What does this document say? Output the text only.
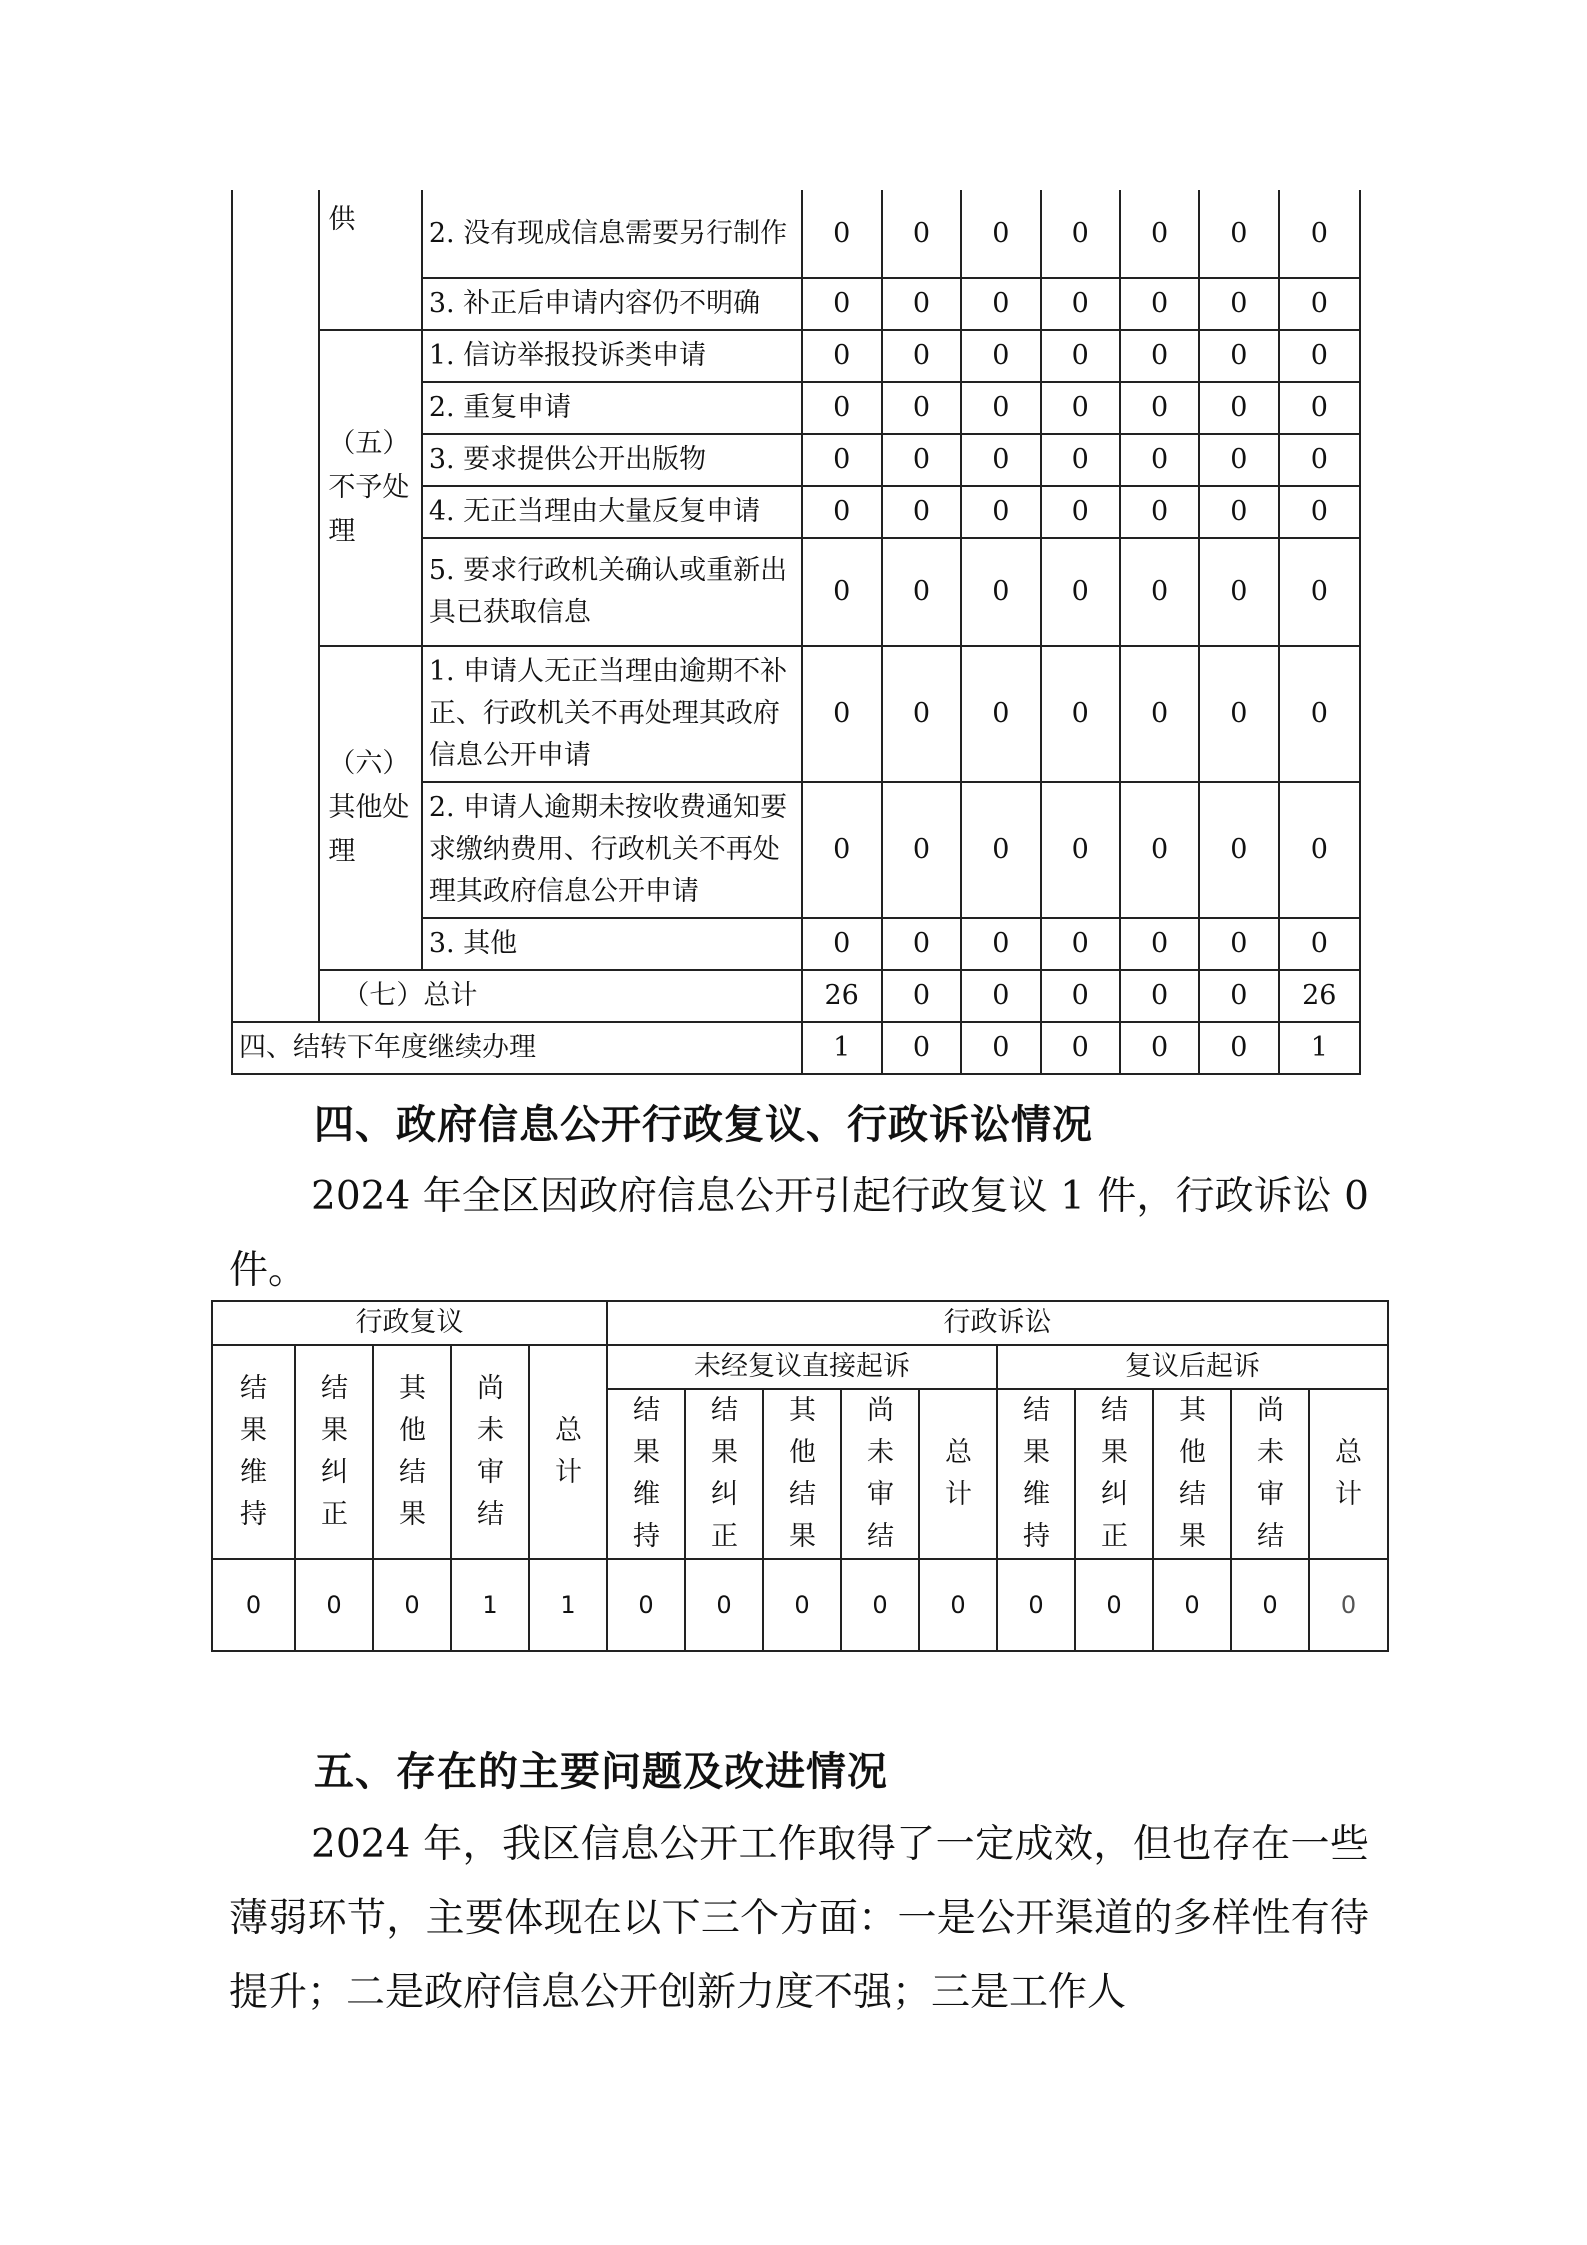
	供	2. 没有现成信息需要另行制作	0	0	0	0	0	0	0
		3. 补正后申请内容仍不明确	0	0	0	0	0	0	0
	（五）不予处理	1. 信访举报投诉类申请	0	0	0	0	0	0	0
		2. 重复申请	0	0	0	0	0	0	0
		3. 要求提供公开出版物	0	0	0	0	0	0	0
		4. 无正当理由大量反复申请	0	0	0	0	0	0	0
		5. 要求行政机关确认或重新出具已获取信息	0	0	0	0	0	0	0
	（六）其他处理	1. 申请人无正当理由逾期不补正、行政机关不再处理其政府信息公开申请	0	0	0	0	0	0	0
		2. 申请人逾期未按收费通知要求缴纳费用、行政机关不再处理其政府信息公开申请	0	0	0	0	0	0	0
		3. 其他	0	0	0	0	0	0	0
	（七）总计		26	0	0	0	0	0	26
四、结转下年度继续办理			1	0	0	0	0	0	1
四、政府信息公开行政复议、行政诉讼情况
2024 年全区因政府信息公开引起行政复议 1 件，行政诉讼 0 件。
行政复议					行政诉讼									
结果维持	结果纠正	其他结果	尚未审结	总计	未经复议直接起诉					复议后起诉				
					结果维持	结果纠正	其他结果	尚未审结	总计	结果维持	结果纠正	其他结果	尚未审结	总计
0	0	0	1	1	0	0	0	0	0	0	0	0	0	0
五、存在的主要问题及改进情况
2024 年，我区信息公开工作取得了一定成效，但也存在一些薄弱环节，主要体现在以下三个方面：一是公开渠道的多样性有待提升；二是政府信息公开创新力度不强；三是工作人
